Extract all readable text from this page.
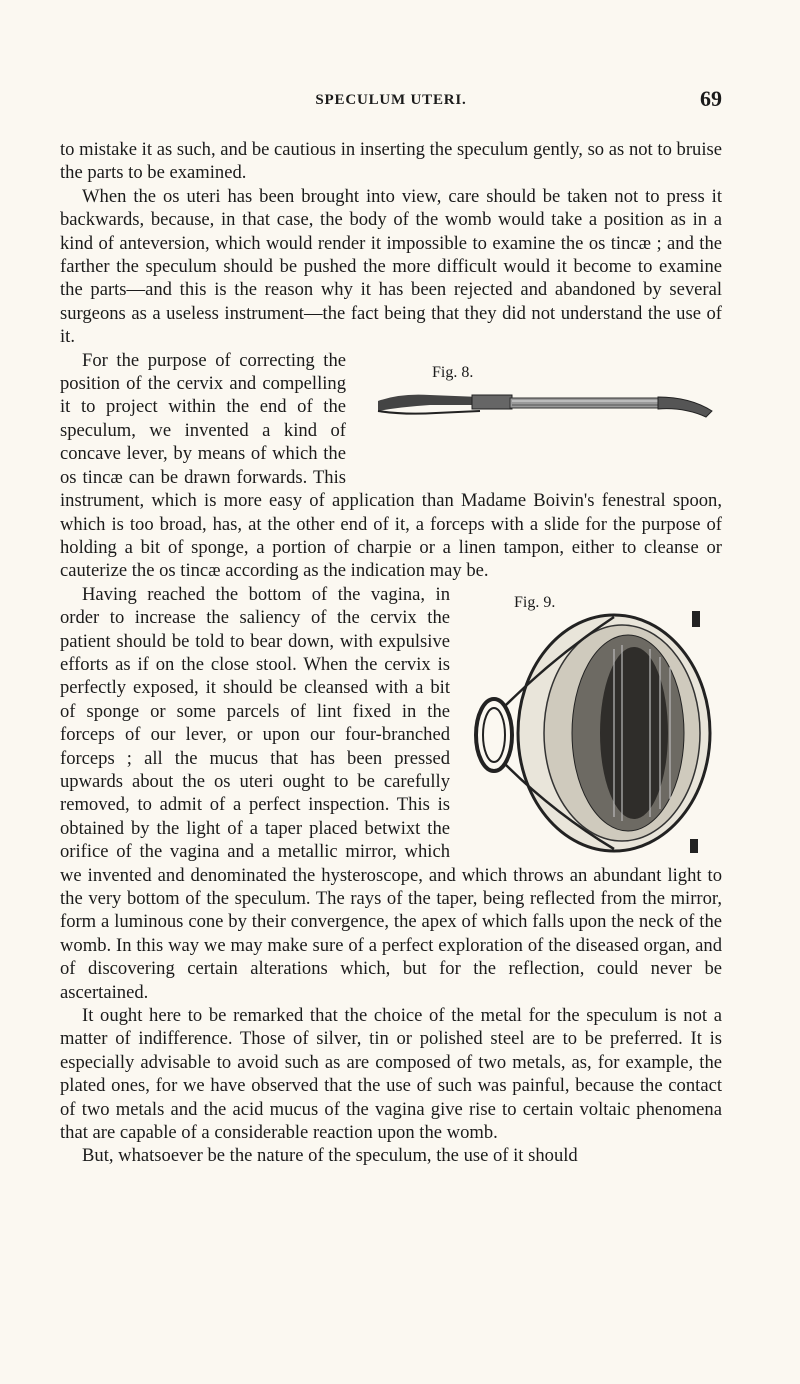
SPECULUM UTERI.	69

to mistake it as such, and be cautious in inserting the speculum gently, so as not to bruise the parts to be examined.

When the os uteri has been brought into view, care should be taken not to press it backwards, because, in that case, the body of the womb would take a position as in a kind of anteversion, which would render it impossible to examine the os tincæ ; and the farther the speculum should be pushed the more difficult would it become to examine the parts—and this is the reason why it has been rejected and abandoned by several surgeons as a useless instrument—the fact being that they did not understand the use of it.

Fig. 8.

For the purpose of correcting the position of the cervix and compelling it to project within the end of the speculum, we invented a kind of concave lever, by means of which the os tincæ can be drawn forwards. This instrument, which is more easy of application than Madame Boivin's fenestral spoon, which is too broad, has, at the other end of it, a forceps with a slide for the purpose of holding a bit of sponge, a portion of charpie or a linen tampon, either to cleanse or cauterize the os tincæ according as the indication may be.

Fig. 9.

Having reached the bottom of the vagina, in order to increase the saliency of the cervix the patient should be told to bear down, with expulsive efforts as if on the close stool. When the cervix is perfectly exposed, it should be cleansed with a bit of sponge or some parcels of lint fixed in the forceps of our lever, or upon our four-branched forceps ; all the mucus that has been pressed upwards about the os uteri ought to be carefully removed, to admit of a perfect inspection. This is obtained by the light of a taper placed betwixt the orifice of the vagina and a metallic mirror, which we invented and denominated the hysteroscope, and which throws an abundant light to the very bottom of the speculum. The rays of the taper, being reflected from the mirror, form a luminous cone by their convergence, the apex of which falls upon the neck of the womb. In this way we may make sure of a perfect exploration of the diseased organ, and of discovering certain alterations which, but for the reflection, could never be ascertained.

It ought here to be remarked that the choice of the metal for the speculum is not a matter of indifference. Those of silver, tin or polished steel are to be preferred. It is especially advisable to avoid such as are composed of two metals, as, for example, the plated ones, for we have observed that the use of such was painful, because the contact of two metals and the acid mucus of the vagina give rise to certain voltaic phenomena that are capable of a considerable reaction upon the womb.

But, whatsoever be the nature of the speculum, the use of it should
